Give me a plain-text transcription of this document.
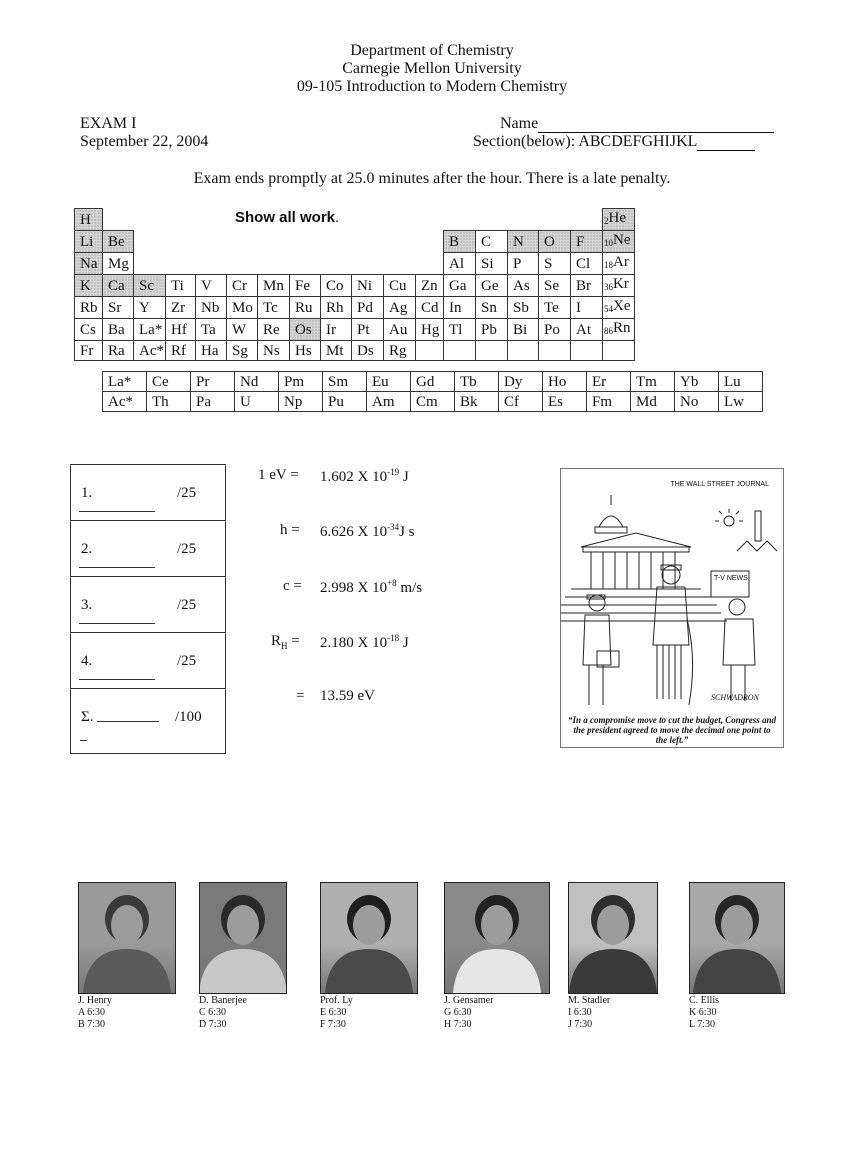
Department of Chemistry
Carnegie Mellon University
09-105 Introduction to Modern Chemistry
EXAM I
September 22, 2004
Name
Section(below): ABCDEFGHIJKL
Exam ends promptly at 25.0 minutes after the hour. There is a late penalty.
H																	$_2$He
Li	Be											B	C	N	O	F	$_{10}$Ne
Na	Mg											Al	Si	P	S	Cl	$_{18}$Ar
K	Ca	Sc	Ti	V	Cr	Mn	Fe	Co	Ni	Cu	Zn	Ga	Ge	As	Se	Br	$_{36}$Kr
Rb	Sr	Y	Zr	Nb	Mo	Tc	Ru	Rh	Pd	Ag	Cd	In	Sn	Sb	Te	I	$_{54}$Xe
Cs	Ba	La*	Hf	Ta	W	Re	Os	Ir	Pt	Au	Hg	Tl	Pb	Bi	Po	At	$_{86}$Rn
Fr	Ra	Ac*	Rf	Ha	Sg	Ns	Hs	Mt	Ds	Rg							
Show all work.
La*	Ce	Pr	Nd	Pm	Sm	Eu	Gd	Tb	Dy	Ho	Er	Tm	Yb	Lu
Ac*	Th	Pa	U	Np	Pu	Am	Cm	Bk	Cf	Es	Fm	Md	No	Lw
1.	/25
2.	/25
3.	/25
4.	/25
Σ.	/100
1 eV = 1.602 X $10^{-19}$ J
h = 6.626 X $10^{-34}J$ s
c = 2.998 X $10^{+8}$ m/s
$R_H = 2.180$ X $10^{-18}$ J
= 13.59 eV
THE WALL STREET JOURNAL
T-V NEWS
SCHWADRON
“In a compromise move to cut the budget, Congress and the president agreed to move the decimal one point to the left.”
J. Henry
A 6:30
B 7:30
D. Banerjee
C 6:30
D 7:30
Prof. Ly
E 6:30
F 7:30
J. Gensamer
G 6:30
H 7:30
M. Stadler
I 6:30
J 7:30
C. Ellis
K 6:30
L 7:30
